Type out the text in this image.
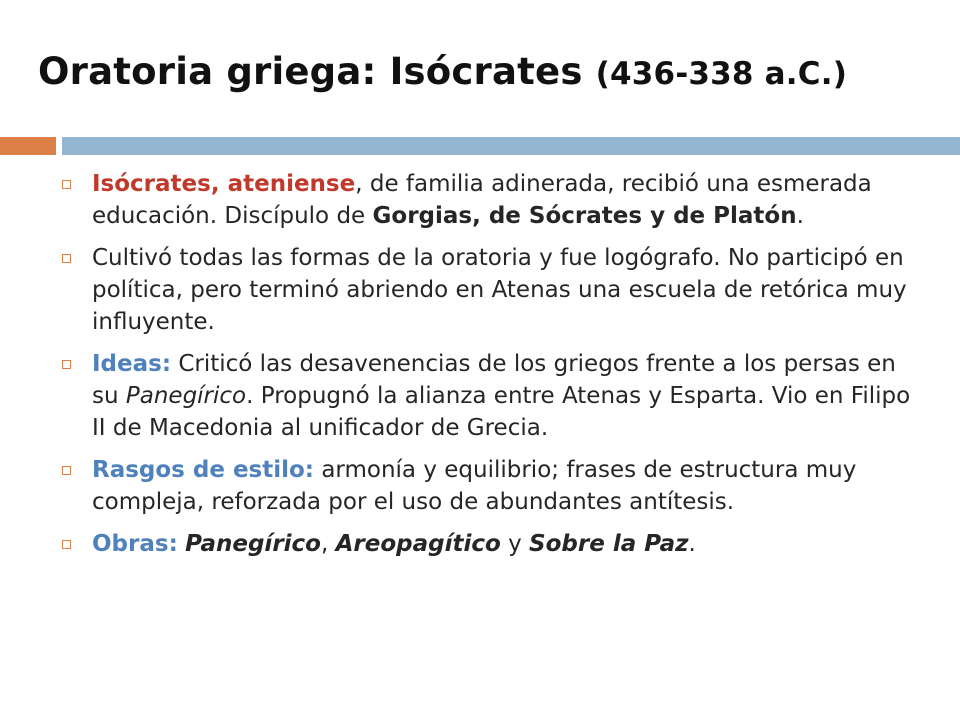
Oratoria griega: Isócrates (436-338 a.C.)
Isócrates, ateniense, de familia adinerada, recibió una esmerada educación. Discípulo de Gorgias, de Sócrates y de Platón.
Cultivó todas las formas de la oratoria y fue logógrafo. No participó en política, pero terminó abriendo en Atenas una escuela de retórica muy influyente.
Ideas: Criticó las desavenencias de los griegos frente a los persas en su Panegírico. Propugnó la alianza entre Atenas y Esparta. Vio en Filipo II de Macedonia al unificador de Grecia.
Rasgos de estilo: armonía y equilibrio; frases de estructura muy compleja, reforzada por el uso de abundantes antítesis.
Obras: Panegírico, Areopagítico y Sobre la Paz.
